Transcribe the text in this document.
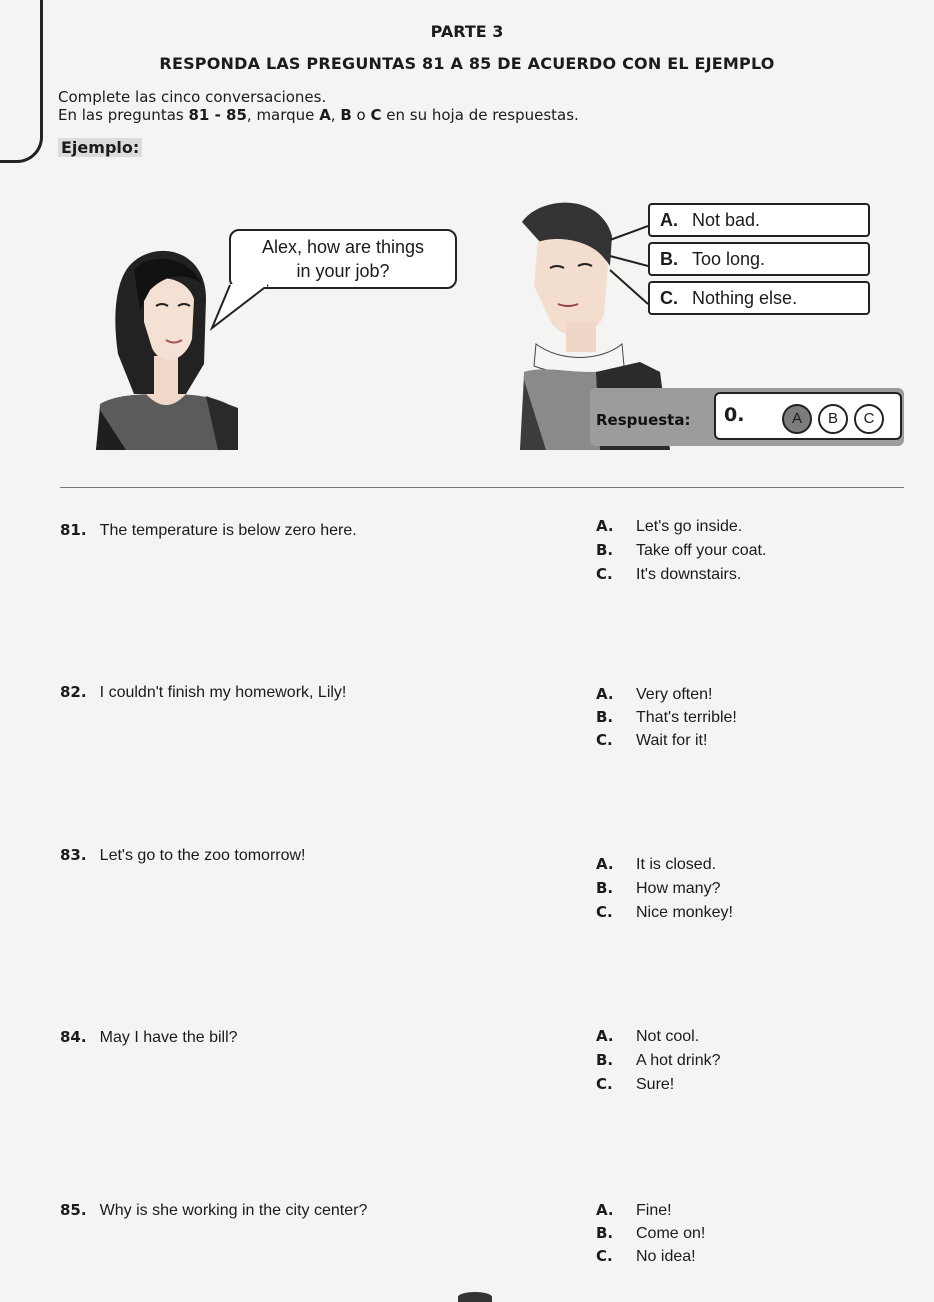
PARTE 3
RESPONDA LAS PREGUNTAS 81 A 85 DE ACUERDO CON EL EJEMPLO
Complete las cinco conversaciones.
En las preguntas 81 - 85, marque A, B o C en su hoja de respuestas.
Ejemplo:
Alex, how are things
in your job?
A. Not bad.
B. Too long.
C. Nothing else.
Respuesta: 0.	A	B	C
81. The temperature is below zero here.	A. Let's go inside.
B. Take off your coat.
C. It's downstairs.
82. I couldn't finish my homework, Lily!	A. Very often!
B. That's terrible!
C. Wait for it!
83. Let's go to the zoo tomorrow!	A. It is closed.
B. How many?
C. Nice monkey!
84. May I have the bill?	A. Not cool.
B. A hot drink?
C. Sure!
85. Why is she working in the city center?	A. Fine!
B. Come on!
C. No idea!
